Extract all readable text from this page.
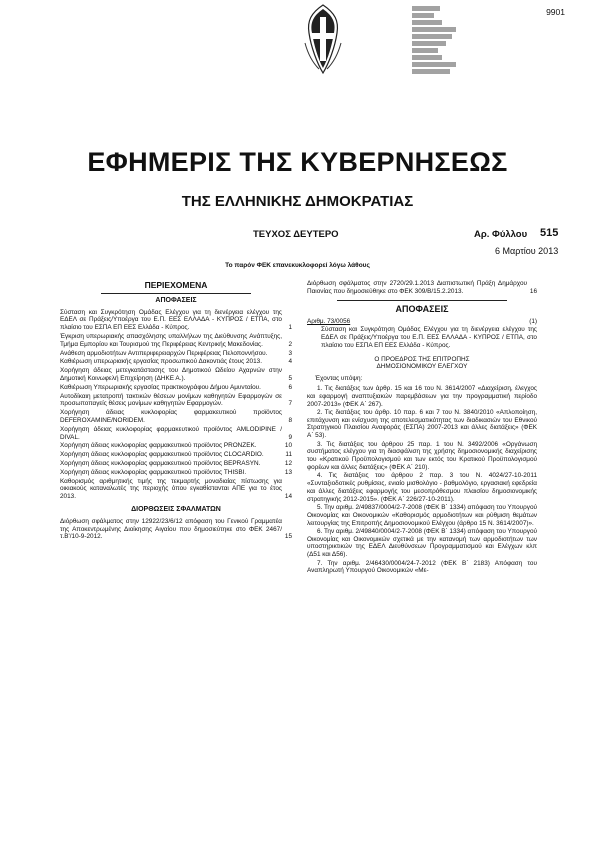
9901
ΕΦΗΜΕΡΙΣ ΤΗΣ ΚΥΒΕΡΝΗΣΕΩΣ
ΤΗΣ ΕΛΛΗΝΙΚΗΣ ΔΗΜΟΚΡΑΤΙΑΣ
ΤΕΥΧΟΣ ΔΕΥΤΕΡΟ	Αρ. Φύλλου 515
6 Μαρτίου 2013
Το παρόν ΦΕΚ επανεκυκλοφορεί λόγω λάθους
ΠΕΡΙΕΧΟΜΕΝΑ
ΑΠΟΦΑΣΕΙΣ
Σύσταση και Συγκρότηση Ομάδας Ελέγχου για τη διενέργεια ελέγχου της ΕΔΕΛ σε Πράξεις/Υποέργα του Ε.Π. ΕΕΣ ΕΛΛΑΔΑ - ΚΥΠΡΟΣ / ΕΤΠΑ, στο πλαίσιο του ΕΣΠΑ ΕΠ ΕΕΣ Ελλάδα - Κύπρος.	1
Έγκριση υπερωριακής απασχόλησης υπαλλήλων της Διεύθυνσης Ανάπτυξης, Τμήμα Εμπορίου και Τουρισμού της Περιφέρειας Κεντρικής Μακεδονίας.	2
Ανάθεση αρμοδιοτήτων Αντιπεριφερειαρχών Περιφέρειας Πελοποννήσου.	3
Καθιέρωση υπερωριακής εργασίας προσωπικού Δακοντιάς έτους 2013.	4
Χορήγηση άδειας μετεγκατάστασης του Δημοτικού Ωδείου Αχαρνών στην Δημοτική Κοινωφελή Επιχείρηση (ΔΗΚΕ Α.).	5
Καθιέρωση Υπερωριακής εργασίας πρακτικογράφου Δήμου Αμυνταίου.	6
Αυτοδίκαιη μετατροπή τακτικών θέσεων μονίμων καθηγητών Εφαρμογών σε προσωποπαγείς θέσεις μονίμων καθηγητών Εφαρμογών.	7
Χορήγηση άδειας κυκλοφορίας φαρμακευτικού προϊόντος DEFEROXAMINE/NORIDEM.	8
Χορήγηση άδειας κυκλοφορίας φαρμακευτικού προϊόντος AMLODIPINE / DIVAL.	9
Χορήγηση άδειας κυκλοφορίας φαρμακευτικού προϊόντος PRONZEK.	10
Χορήγηση άδειας κυκλοφορίας φαρμακευτικού προϊόντος CLOCARDIO.	11
Χορήγηση άδειας κυκλοφορίας φαρμακευτικού προϊόντος BEPRASYN.	12
Χορήγηση άδειας κυκλοφορίας φαρμακευτικού προϊόντος THISBI.	13
Καθορισμός αριθμητικής τιμής της τεκμαρτής μοναδιαίας πίστωσης για οικιακούς καταναλωτές της περιοχής όπου εγκαθίστανται ΑΠΕ για το έτος 2013.	14
ΔΙΟΡΘΩΣΕΙΣ ΣΦΑΛΜΑΤΩΝ
Διόρθωση σφάλματος στην 12922/23/6/12 απόφαση του Γενικού Γραμματέα της Αποκεντρωμένης Διοίκησης Αιγαίου που δημοσιεύτηκε στο ΦΕΚ 2467/τ.Β'/10-9-2012.	15
Διόρθωση σφάλματος στην 2720/29.1.2013 Διαπιστωτική Πράξη Δημάρχου Παιονίας που δημοσιεύθηκε στο ΦΕΚ 309/Β/15.2.2013.	16
ΑΠΟΦΑΣΕΙΣ
Αριθμ. 73/0056	(1)
Σύσταση και Συγκρότηση Ομάδας Ελέγχου για τη διενέργεια ελέγχου της ΕΔΕΛ σε Πράξεις/Υποέργα του Ε.Π. ΕΕΣ ΕΛΛΑΔΑ - ΚΥΠΡΟΣ / ΕΤΠΑ, στο πλαίσιο του ΕΣΠΑ ΕΠ ΕΕΣ Ελλάδα - Κύπρος.
Ο ΠΡΟΕΔΡΟΣ ΤΗΣ ΕΠΙΤΡΟΠΗΣ
ΔΗΜΟΣΙΟΝΟΜΙΚΟΥ ΕΛΕΓΧΟΥ
Έχοντας υπόψη:
1. Τις διατάξεις των άρθρ. 15 και 16 του Ν. 3614/2007 «Διαχείριση, έλεγχος και εφαρμογή αναπτυξιακών παρεμβάσεων για την προγραμματική περίοδο 2007-2013» (ΦΕΚ Α΄ 267).
2. Τις διατάξεις του άρθρ. 10 παρ. 6 και 7 του Ν. 3840/2010 «Απλοποίηση, επιτάχυνση και ενίσχυση της αποτελεσματικότητας των διαδικασιών του Εθνικού Στρατηγικού Πλαισίου Αναφοράς (ΕΣΠΑ) 2007-2013 και άλλες διατάξεις» (ΦΕΚ Α΄ 53).
3. Τις διατάξεις του άρθρου 25 παρ. 1 του Ν. 3492/2006 «Οργάνωση συστήματος ελέγχου για τη διασφάλιση της χρήσης δημοσιονομικής διαχείρισης του «Κρατικού Προϋπολογισμού και των εκτός του Κρατικού Προϋπολογισμού φορέων και άλλες διατάξεις» (ΦΕΚ Α΄ 210).
4. Τις διατάξεις του άρθρου 2 παρ. 3 του Ν. 4024/27-10-2011 «Συνταξιοδοτικές ρυθμίσεις, ενιαίο μισθολόγιο - βαθμολόγιο, εργασιακή εφεδρεία και άλλες διατάξεις εφαρμογής του μεσοπρόθεσμου πλαισίου δημοσιονομικής στρατηγικής 2012-2015». (ΦΕΚ Α΄ 226/27-10-2011).
5. Την αριθμ. 2/49837/0004/2-7-2008 (ΦΕΚ Β΄ 1334) απόφαση του Υπουργού Οικονομίας και Οικονομικών «Καθορισμός αρμοδιοτήτων και ρύθμιση θεμάτων λειτουργίας της Επιτροπής Δημοσιονομικού Ελέγχου (άρθρο 15 Ν. 3614/2007)».
6. Την αριθμ. 2/49840/0004/2-7-2008 (ΦΕΚ Β΄ 1334) απόφαση του Υπουργού Οικονομίας και Οικονομικών σχετικά με την κατανομή των αρμοδιοτήτων των υποστηρικτικών της ΕΔΕΛ Διευθύνσεων Προγραμματισμού και Ελέγχων κλπ (Δ51 και Δ56).
7. Την αριθμ. 2/46430/0004/24-7-2012 (ΦΕΚ Β΄ 2183) Απόφαση του Αναπληρωτή Υπουργού Οικονομικών «Με-
